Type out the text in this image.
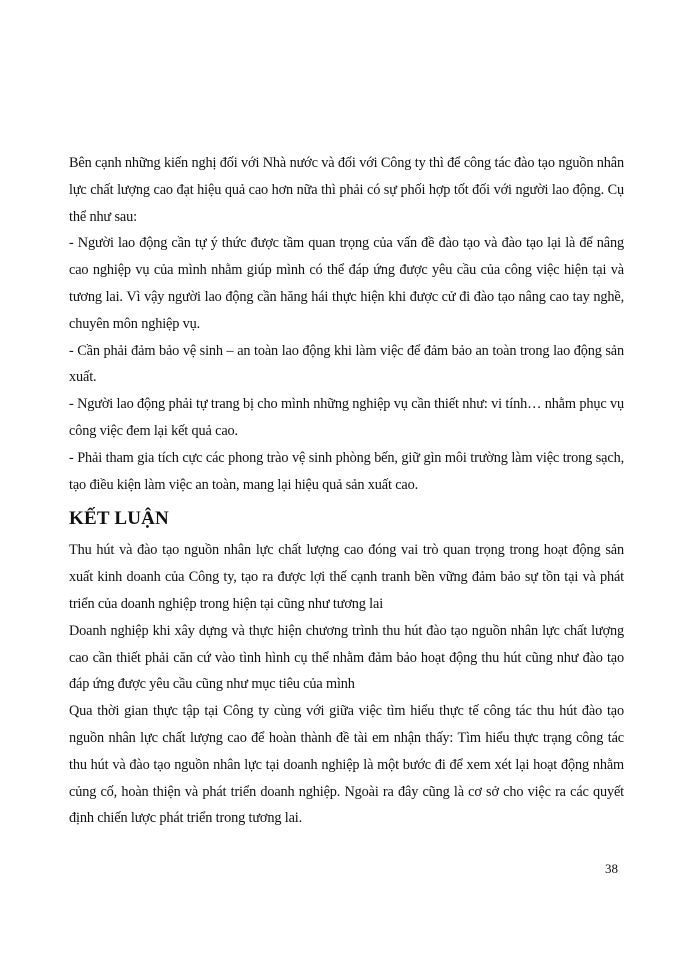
Bên cạnh những kiến nghị đối với Nhà nước và đối với Công ty thì để công tác đào tạo nguồn nhân lực chất lượng cao đạt hiệu quả cao hơn nữa thì phải có sự phối hợp tốt đối với người lao động. Cụ thể như sau:

- Người lao động cần tự ý thức được tầm quan trọng của vấn đề đào tạo và đào tạo lại là để nâng cao nghiệp vụ của mình nhằm giúp mình có thể đáp ứng được yêu cầu của công việc hiện tại và tương lai. Vì vậy người lao động cần hăng hái thực hiện khi được cử đi đào tạo nâng cao tay nghề, chuyên môn nghiệp vụ.

- Cần phải đảm bảo vệ sinh – an toàn lao động khi làm việc để đảm bảo an toàn trong lao động sản xuất.

- Người lao động phải tự trang bị cho mình những nghiệp vụ cần thiết như: vi tính… nhằm phục vụ công việc đem lại kết quả cao.

- Phải tham gia tích cực các phong trào vệ sinh phòng bến, giữ gìn môi trường làm việc trong sạch, tạo điều kiện làm việc an toàn, mang lại hiệu quả sản xuất cao.

KẾT LUẬN

Thu hút và đào tạo nguồn nhân lực chất lượng cao đóng vai trò quan trọng trong hoạt động sản xuất kinh doanh của Công ty, tạo ra được lợi thế cạnh tranh bền vững đảm bảo sự tồn tại và phát triển của doanh nghiệp trong hiện tại cũng như tương lai

Doanh nghiệp khi xây dựng và thực hiện chương trình thu hút đào tạo nguồn nhân lực chất lượng cao cần thiết phải căn cứ vào tình hình cụ thể nhằm đảm bảo hoạt động thu hút cũng như đào tạo đáp ứng được yêu cầu cũng như mục tiêu của mình

Qua thời gian thực tập tại Công ty cùng với giữa việc tìm hiểu thực tế công tác thu hút đào tạo nguồn nhân lực chất lượng cao để hoàn thành đề tài em nhận thấy: Tìm hiểu thực trạng công tác thu hút và đào tạo nguồn nhân lực tại doanh nghiệp là một bước đi để xem xét lại hoạt động nhằm củng cố, hoàn thiện và phát triển doanh nghiệp. Ngoài ra đây cũng là cơ sở cho việc ra các quyết định chiến lược phát triển trong tương lai.

38
